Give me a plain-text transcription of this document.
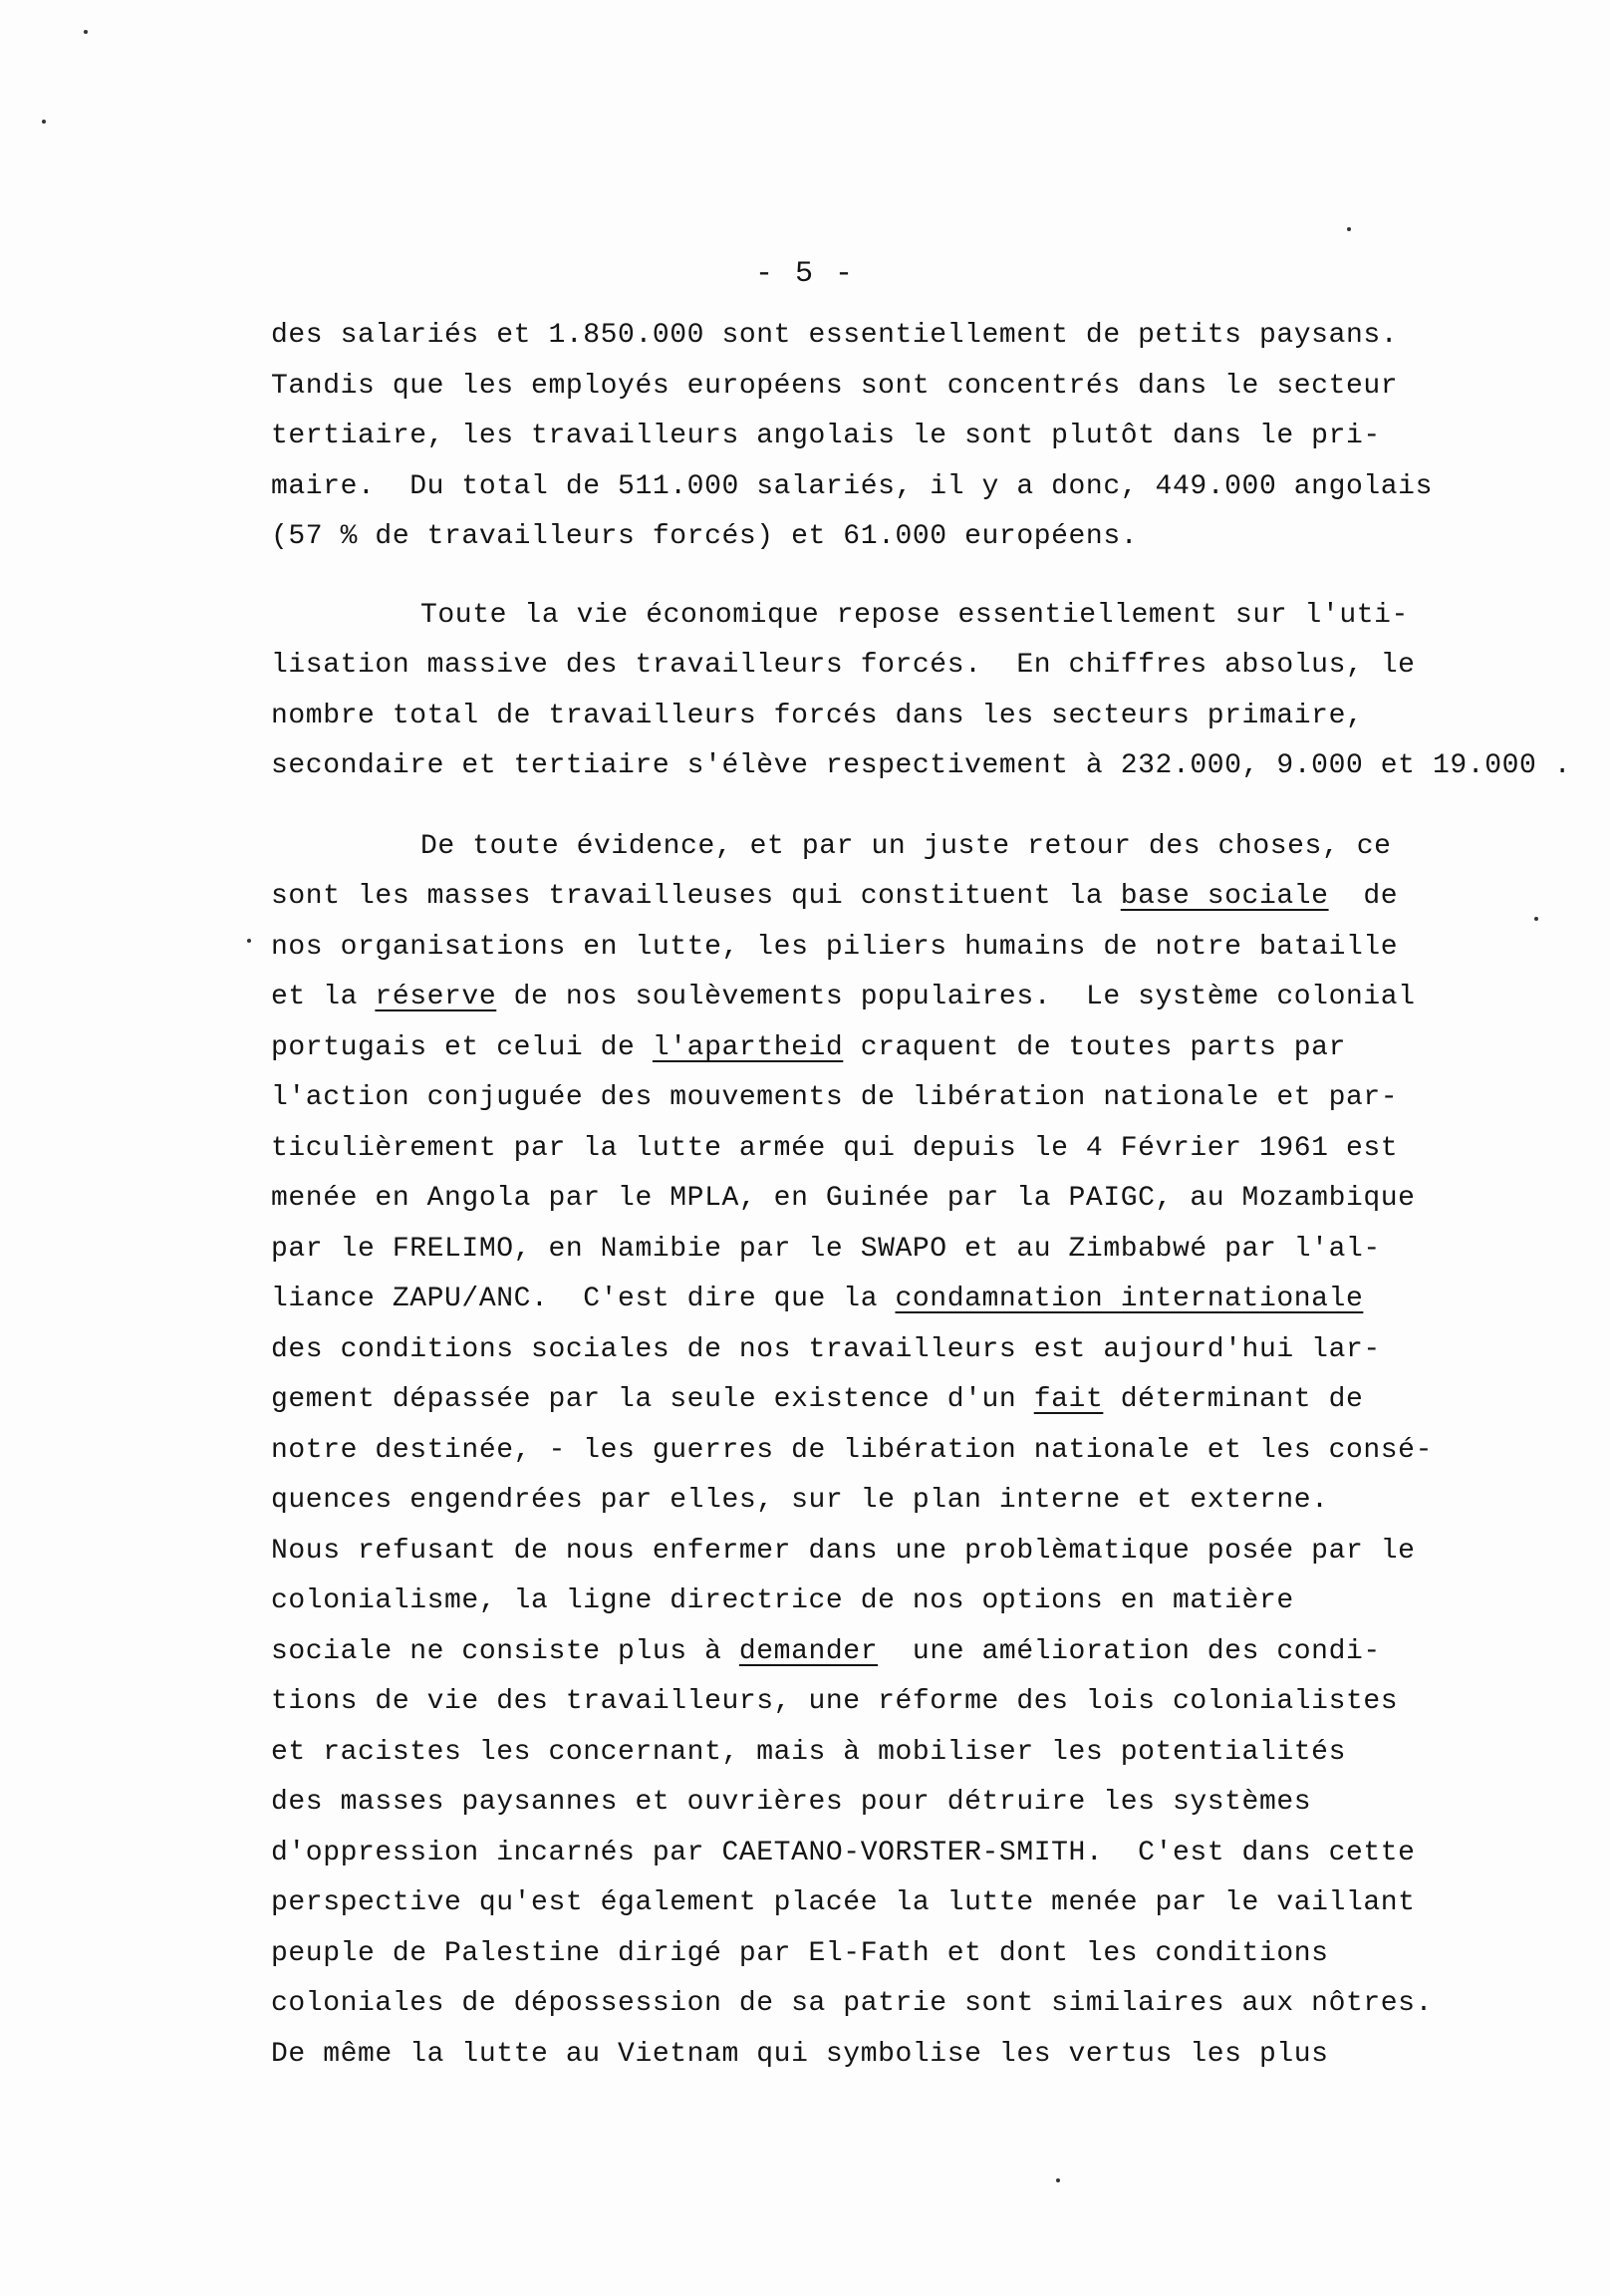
- 5 -
des salariés et 1.850.000 sont essentiellement de petits paysans.
Tandis que les employés européens sont concentrés dans le secteur
tertiaire, les travailleurs angolais le sont plutôt dans le pri-
maire.  Du total de 511.000 salariés, il y a donc, 449.000 angolais
(57 % de travailleurs forcés) et 61.000 européens.
Toute la vie économique repose essentiellement sur l'uti-
lisation massive des travailleurs forcés.  En chiffres absolus, le
nombre total de travailleurs forcés dans les secteurs primaire,
secondaire et tertiaire s'élève respectivement à 232.000, 9.000 et 19.000 .
De toute évidence, et par un juste retour des choses, ce
sont les masses travailleuses qui constituent la base sociale  de
nos organisations en lutte, les piliers humains de notre bataille
et la réserve de nos soulèvements populaires.  Le système colonial
portugais et celui de l'apartheid craquent de toutes parts par
l'action conjuguée des mouvements de libération nationale et par-
ticulièrement par la lutte armée qui depuis le 4 Février 1961 est
menée en Angola par le MPLA, en Guinée par la PAIGC, au Mozambique
par le FRELIMO, en Namibie par le SWAPO et au Zimbabwé par l'al-
liance ZAPU/ANC.  C'est dire que la condamnation internationale
des conditions sociales de nos travailleurs est aujourd'hui lar-
gement dépassée par la seule existence d'un fait déterminant de
notre destinée, - les guerres de libération nationale et les consé-
quences engendrées par elles, sur le plan interne et externe.
Nous refusant de nous enfermer dans une problèmatique posée par le
colonialisme, la ligne directrice de nos options en matière
sociale ne consiste plus à demander  une amélioration des condi-
tions de vie des travailleurs, une réforme des lois colonialistes
et racistes les concernant, mais à mobiliser les potentialités
des masses paysannes et ouvrières pour détruire les systèmes
d'oppression incarnés par CAETANO-VORSTER-SMITH.  C'est dans cette
perspective qu'est également placée la lutte menée par le vaillant
peuple de Palestine dirigé par El-Fath et dont les conditions
coloniales de dépossession de sa patrie sont similaires aux nôtres.
De même la lutte au Vietnam qui symbolise les vertus les plus
